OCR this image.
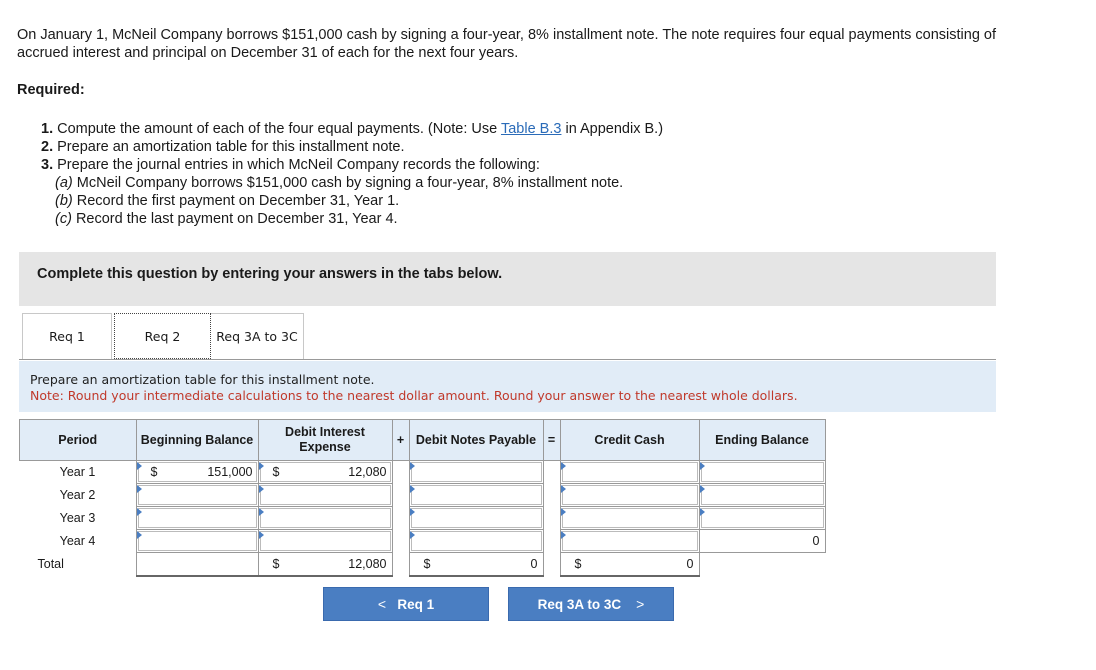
On January 1, McNeil Company borrows $151,000 cash by signing a four-year, 8% installment note. The note requires four equal payments consisting of accrued interest and principal on December 31 of each for the next four years.
Required:
1. Compute the amount of each of the four equal payments. (Note: Use Table B.3 in Appendix B.)
2. Prepare an amortization table for this installment note.
3. Prepare the journal entries in which McNeil Company records the following:
(a) McNeil Company borrows $151,000 cash by signing a four-year, 8% installment note.
(b) Record the first payment on December 31, Year 1.
(c) Record the last payment on December 31, Year 4.
Complete this question by entering your answers in the tabs below.
Req 1	Req 2	Req 3A to 3C
Prepare an amortization table for this installment note.
Note: Round your intermediate calculations to the nearest dollar amount. Round your answer to the nearest whole dollars.
Period	Beginning Balance	Debit Interest Expense	+	Debit Notes Payable	=	Credit Cash	Ending Balance
Year 1	$ 151,000	$ 12,080					

Year 2	

Year 3	

Year 4							0

Total		$ 12,080		$ 0		$ 0	

<
Req 1	Req 3A to 3C
>
